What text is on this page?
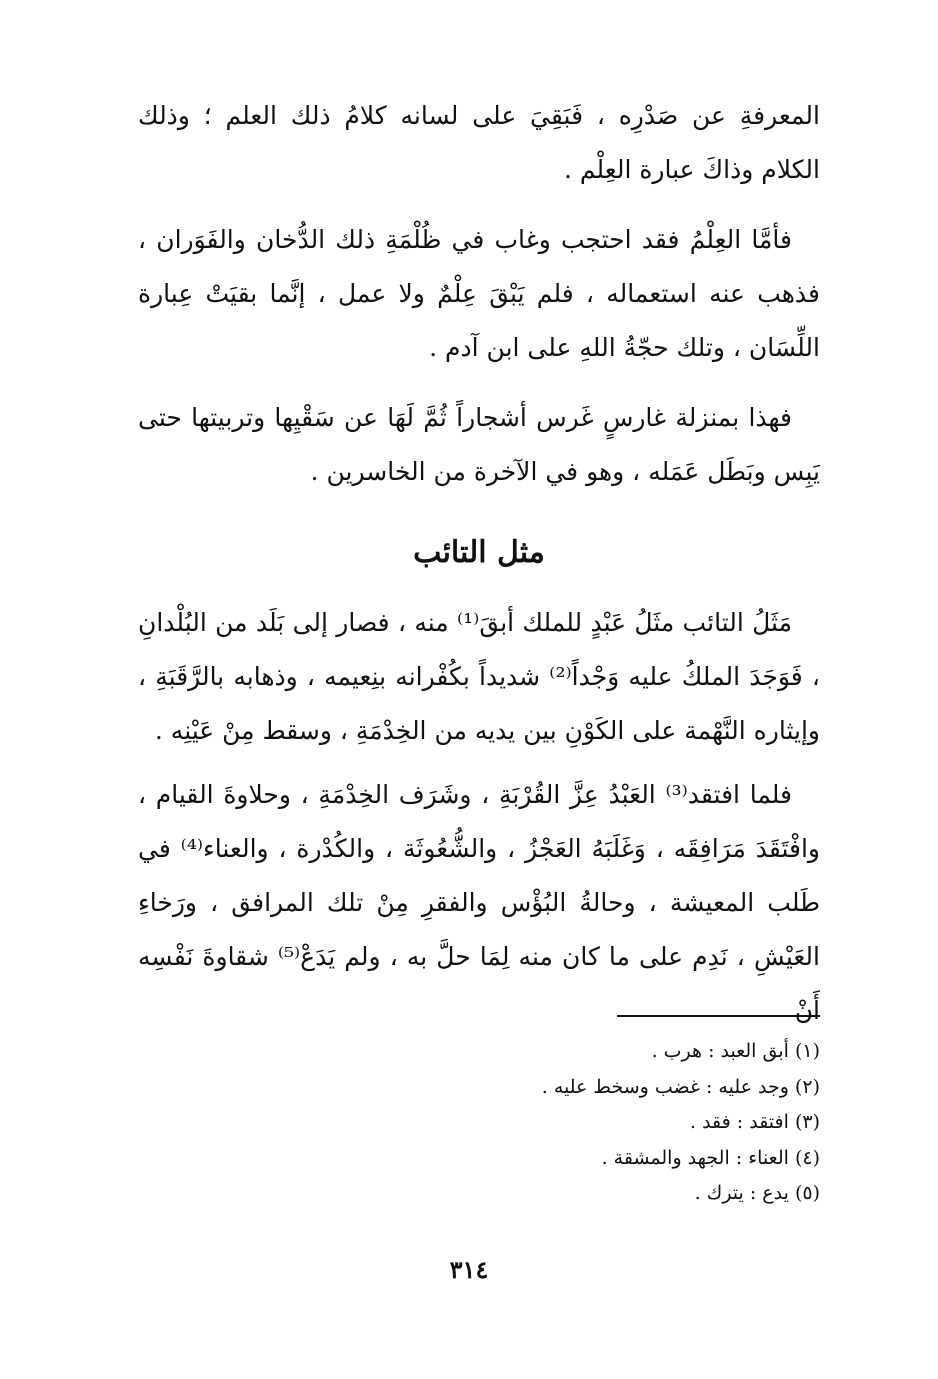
المعرفةِ عن صَدْرِه ، فَبَقِيَ على لسانه كلامُ ذلك العلم ؛ وذلك الكلام وذاكَ عبارة العِلْم .

فأمَّا العِلْمُ فقد احتجب وغاب في ظُلْمَةِ ذلك الدُّخان والفَوَران ، فذهب عنه استعماله ، فلم يَبْقَ عِلْمٌ ولا عمل ، إنَّما بقيَتْ عِبارة اللِّسَان ، وتلك حجّةُ اللهِ على ابن آدم .

فهذا بمنزلة غارسٍ غَرس أشجاراً ثُمَّ لَهَا عن سَقْيِها وتربيتها حتى يَبِس وبَطَل عَمَله ، وهو في الآخرة من الخاسرين .

مثل التائب

مَثَلُ التائب مثَلُ عَبْدٍ للملك أبقَ⁽¹⁾ منه ، فصار إلى بَلَد من البُلْدانِ ، فَوَجَدَ الملكُ عليه وَجْداً⁽²⁾ شديداً بكُفْرانه بنِعيمه ، وذهابه بالرَّقَبَةِ ، وإيثاره النَّهْمة على الكَوْنِ بين يديه من الخِدْمَةِ ، وسقط مِنْ عَيْنِه .

فلما افتقد⁽³⁾ العَبْدُ عِزَّ القُرْبَةِ ، وشَرَف الخِدْمَةِ ، وحلاوةَ القيام ، وافْتَقَدَ مَرَافِقَه ، وَغَلَبَهُ العَجْزُ ، والشُّعُوثَة ، والكُدْرة ، والعناء⁽⁴⁾ في طَلب المعيشة ، وحالةُ البُؤْس والفقرِ مِنْ تلك المرافق ، ورَخاءِ العَيْشِ ، نَدِم على ما كان منه لِمَا حلَّ به ، ولم يَدَعْ⁽⁵⁾ شقاوةَ نَفْسِه أَنْ

(١) أبق العبد : هرب .

(٢) وجد عليه : غضب وسخط عليه .

(٣) افتقد : فقد .

(٤) العناء : الجهد والمشقة .

(٥) يدع : يترك .

٣١٤
